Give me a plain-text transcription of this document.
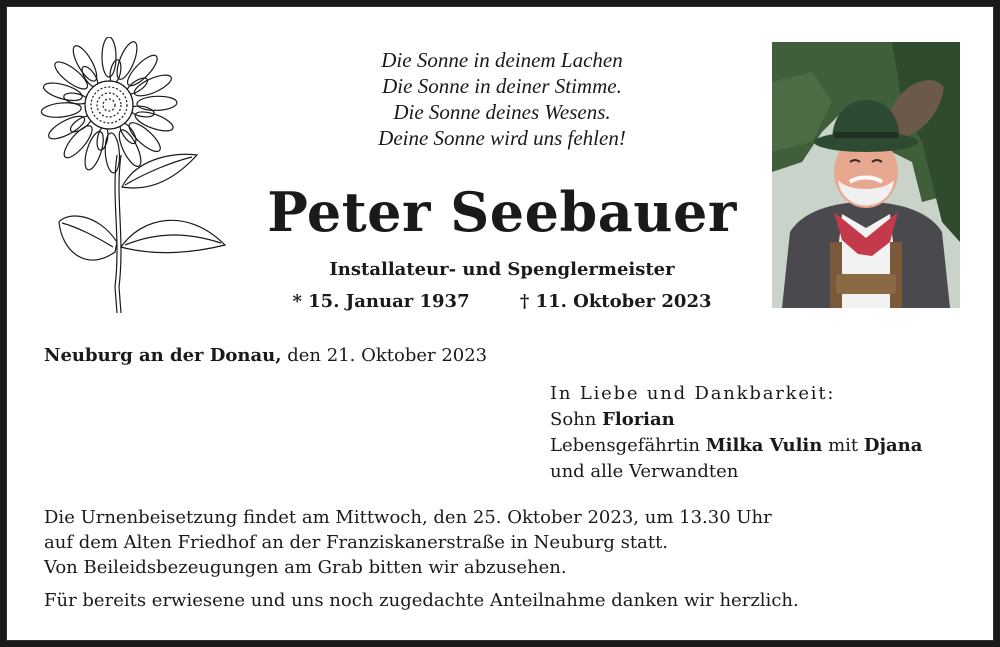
Die Sonne in deinem Lachen
Die Sonne in deiner Stimme.
Die Sonne deines Wesens.
Deine Sonne wird uns fehlen!
Peter Seebauer
Installateur- und Spenglermeister
* 15. Januar 1937	† 11. Oktober 2023
Neuburg an der Donau, den 21. Oktober 2023
In Liebe und Dankbarkeit:
Sohn Florian
Lebensgefährtin Milka Vulin mit Djana
und alle Verwandten
Die Urnenbeisetzung findet am Mittwoch, den 25. Oktober 2023, um 13.30 Uhr
auf dem Alten Friedhof an der Franziskanerstraße in Neuburg statt.
Von Beileidsbezeugungen am Grab bitten wir abzusehen.
Für bereits erwiesene und uns noch zugedachte Anteilnahme danken wir herzlich.
